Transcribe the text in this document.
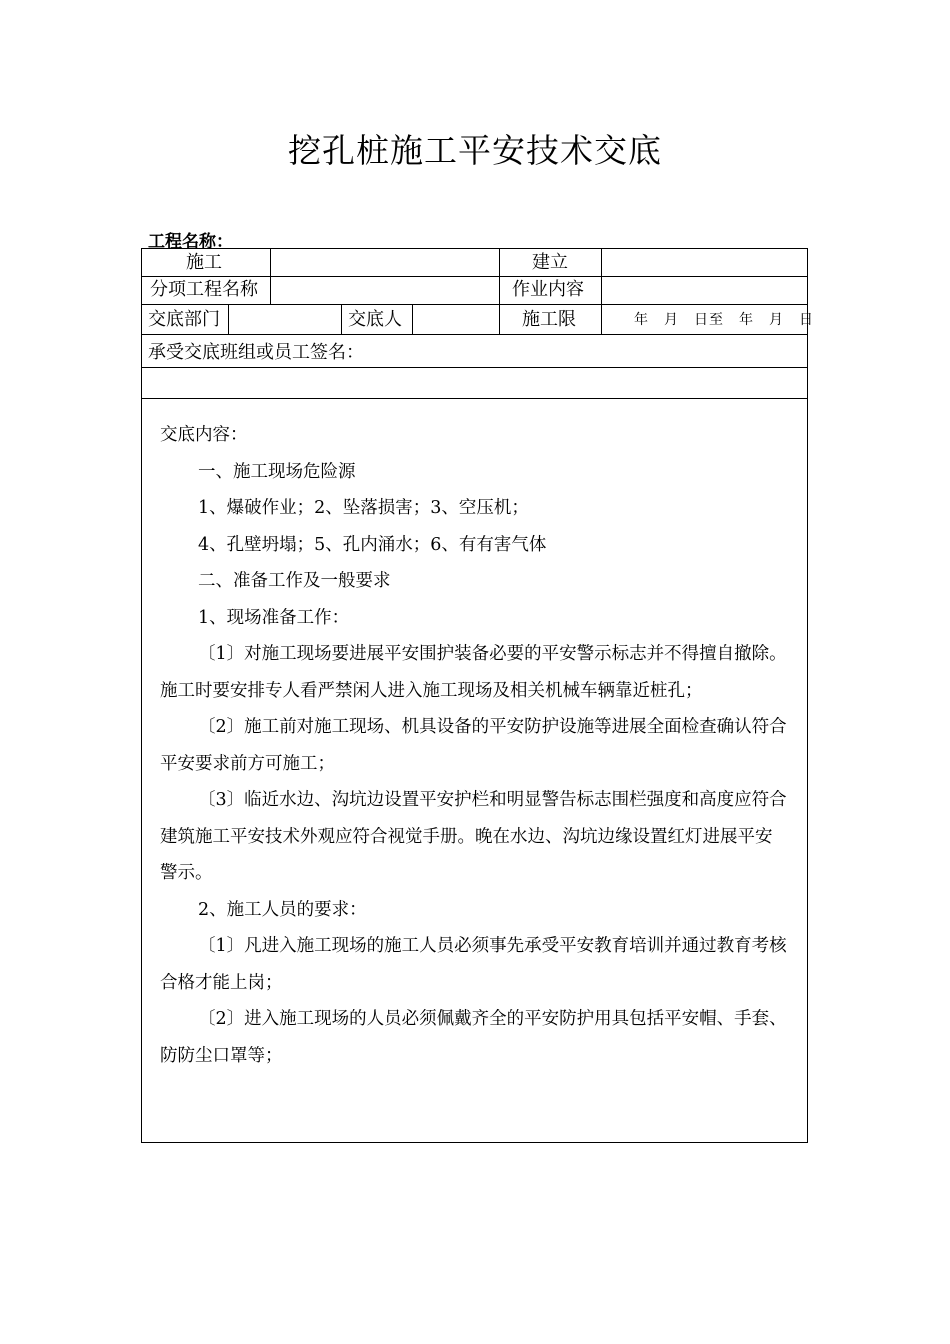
挖孔桩施工平安技术交底
工程名称：
施工	建立
分项工程名称	作业内容
交底部门	交底人	施工限	年　月　日至　年　月　日
承受交底班组或员工签名：

交底内容：

一、施工现场危险源

1、爆破作业；2、坠落损害；3、空压机；

4、孔壁坍塌；5、孔内涌水；6、有有害气体

二、准备工作及一般要求

1、现场准备工作：

〔1〕对施工现场要进展平安围护装备必要的平安警示标志并不得擅自撤除。施工时要安排专人看严禁闲人进入施工现场及相关机械车辆靠近桩孔；

〔2〕施工前对施工现场、机具设备的平安防护设施等进展全面检查确认符合平安要求前方可施工；

〔3〕临近水边、沟坑边设置平安护栏和明显警告标志围栏强度和高度应符合建筑施工平安技术外观应符合视觉手册。晚在水边、沟坑边缘设置红灯进展平安警示。

2、施工人员的要求：

〔1〕凡进入施工现场的施工人员必须事先承受平安教育培训并通过教育考核合格才能上岗；

〔2〕进入施工现场的人员必须佩戴齐全的平安防护用具包括平安帽、手套、防防尘口罩等；
